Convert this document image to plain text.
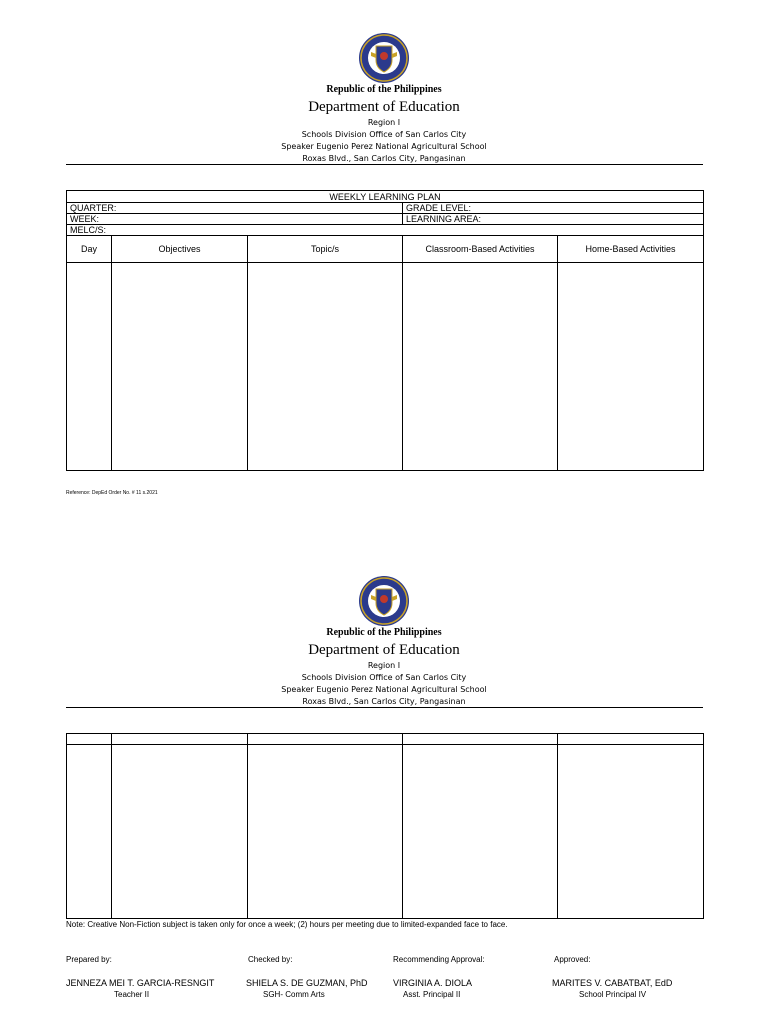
Republic of the Philippines
Department of Education
Region I
Schools Division Office of San Carlos City
Speaker Eugenio Perez National Agricultural School
Roxas Blvd., San Carlos City, Pangasinan
WEEKLY LEARNING PLAN				
QUARTER:			GRADE LEVEL:	
WEEK:			LEARNING AREA:	
MELC/S:				
Day	Objectives	Topic/s	Classroom-Based Activities	Home-Based Activities

Reference: DepEd Order No. # 11 s.2021
Republic of the Philippines
Department of Education
Region I
Schools Division Office of San Carlos City
Speaker Eugenio Perez National Agricultural School
Roxas Blvd., San Carlos City, Pangasinan

Note: Creative Non-Fiction subject is taken only for once a week; (2) hours per meeting due to limited-expanded face to face.
Prepared by:	Checked by:	Recommending Approval:	Approved:
JENNEZA MEI T. GARCIA-RESNGIT	SHIELA S. DE GUZMAN, PhD	VIRGINIA A. DIOLA	MARITES V. CABATBAT, EdD
Teacher II	SGH- Comm Arts	Asst. Principal II	School Principal IV
